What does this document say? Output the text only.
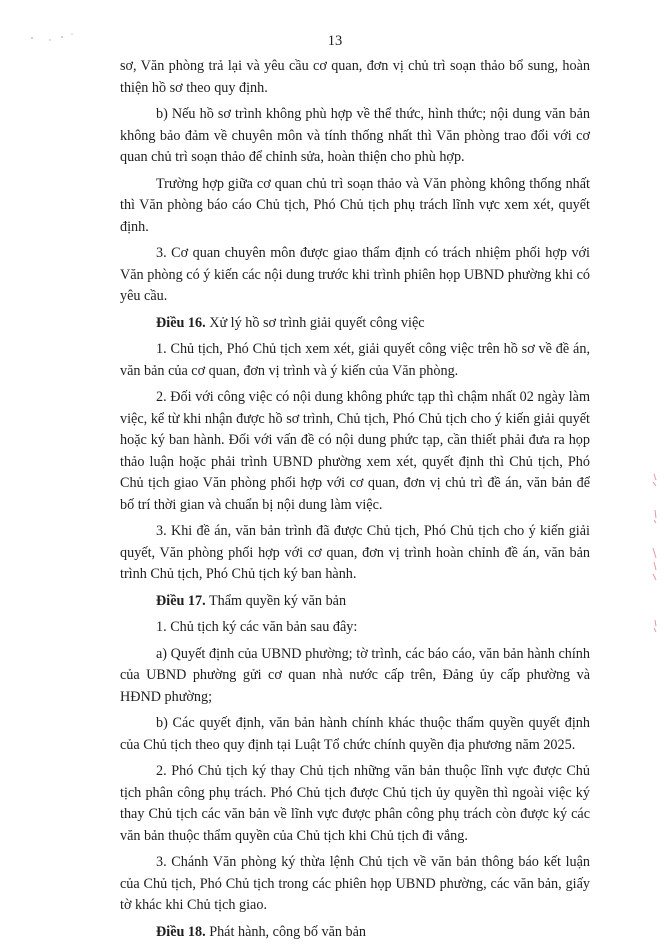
13

sơ, Văn phòng trả lại và yêu cầu cơ quan, đơn vị chủ trì soạn thảo bổ sung, hoàn thiện hồ sơ theo quy định.

b) Nếu hồ sơ trình không phù hợp về thể thức, hình thức; nội dung văn bản không bảo đảm về chuyên môn và tính thống nhất thì Văn phòng trao đổi với cơ quan chủ trì soạn thảo để chỉnh sửa, hoàn thiện cho phù hợp.

Trường hợp giữa cơ quan chủ trì soạn thảo và Văn phòng không thống nhất thì Văn phòng báo cáo Chủ tịch, Phó Chủ tịch phụ trách lĩnh vực xem xét, quyết định.

3. Cơ quan chuyên môn được giao thẩm định có trách nhiệm phối hợp với Văn phòng có ý kiến các nội dung trước khi trình phiên họp UBND phường khi có yêu cầu.

Điều 16. Xử lý hồ sơ trình giải quyết công việc

1. Chủ tịch, Phó Chủ tịch xem xét, giải quyết công việc trên hồ sơ về đề án, văn bản của cơ quan, đơn vị trình và ý kiến của Văn phòng.

2. Đối với công việc có nội dung không phức tạp thì chậm nhất 02 ngày làm việc, kể từ khi nhận được hồ sơ trình, Chủ tịch, Phó Chủ tịch cho ý kiến giải quyết hoặc ký ban hành. Đối với vấn đề có nội dung phức tạp, cần thiết phải đưa ra họp thảo luận hoặc phải trình UBND phường xem xét, quyết định thì Chủ tịch, Phó Chủ tịch giao Văn phòng phối hợp với cơ quan, đơn vị chủ trì đề án, văn bản để bố trí thời gian và chuẩn bị nội dung làm việc.

3. Khi đề án, văn bản trình đã được Chủ tịch, Phó Chủ tịch cho ý kiến giải quyết, Văn phòng phối hợp với cơ quan, đơn vị trình hoàn chỉnh đề án, văn bản trình Chủ tịch, Phó Chủ tịch ký ban hành.

Điều 17. Thẩm quyền ký văn bản

1. Chủ tịch ký các văn bản sau đây:

a) Quyết định của UBND phường; tờ trình, các báo cáo, văn bản hành chính của UBND phường gửi cơ quan nhà nước cấp trên, Đảng ủy cấp phường và HĐND phường;

b) Các quyết định, văn bản hành chính khác thuộc thẩm quyền quyết định của Chủ tịch theo quy định tại Luật Tổ chức chính quyền địa phương năm 2025.

2. Phó Chủ tịch ký thay Chủ tịch những văn bản thuộc lĩnh vực được Chủ tịch phân công phụ trách. Phó Chủ tịch được Chủ tịch ủy quyền thì ngoài việc ký thay Chủ tịch các văn bản về lĩnh vực được phân công phụ trách còn được ký các văn bản thuộc thẩm quyền của Chủ tịch khi Chủ tịch đi vắng.

3. Chánh Văn phòng ký thừa lệnh Chủ tịch về văn bản thông báo kết luận của Chủ tịch, Phó Chủ tịch trong các phiên họp UBND phường, các văn bản, giấy tờ khác khi Chủ tịch giao.

Điều 18. Phát hành, công bố văn bản
